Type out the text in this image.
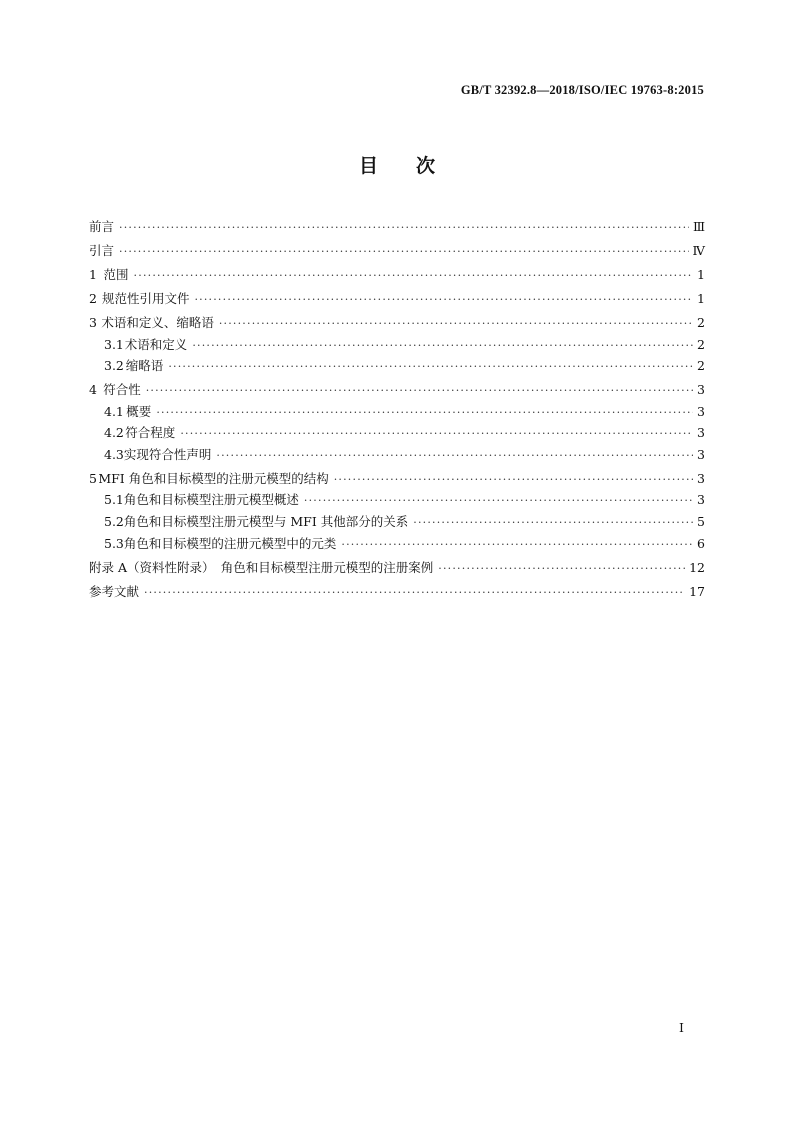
GB/T 32392.8—2018/ISO/IEC 19763-8:2015
目次
前言 ·····	Ⅲ
引言 ·····	Ⅳ
1 范围 ·····	1
2 规范性引用文件 ·····	1
3 术语和定义、缩略语 ·····	2
3.1 术语和定义 ·····	2
3.2 缩略语 ·····	2
4 符合性 ·····	3
4.1 概要 ·····	3
4.2 符合程度 ·····	3
4.3 实现符合性声明 ·····	3
5 MFI 角色和目标模型的注册元模型的结构 ·····	3
5.1 角色和目标模型注册元模型概述 ·····	3
5.2 角色和目标模型注册元模型与 MFI 其他部分的关系 ·····	5
5.3 角色和目标模型的注册元模型中的元类 ·····	6
附录 A（资料性附录）　角色和目标模型注册元模型的注册案例 ·····	12
参考文献 ·····	17
Ⅰ
